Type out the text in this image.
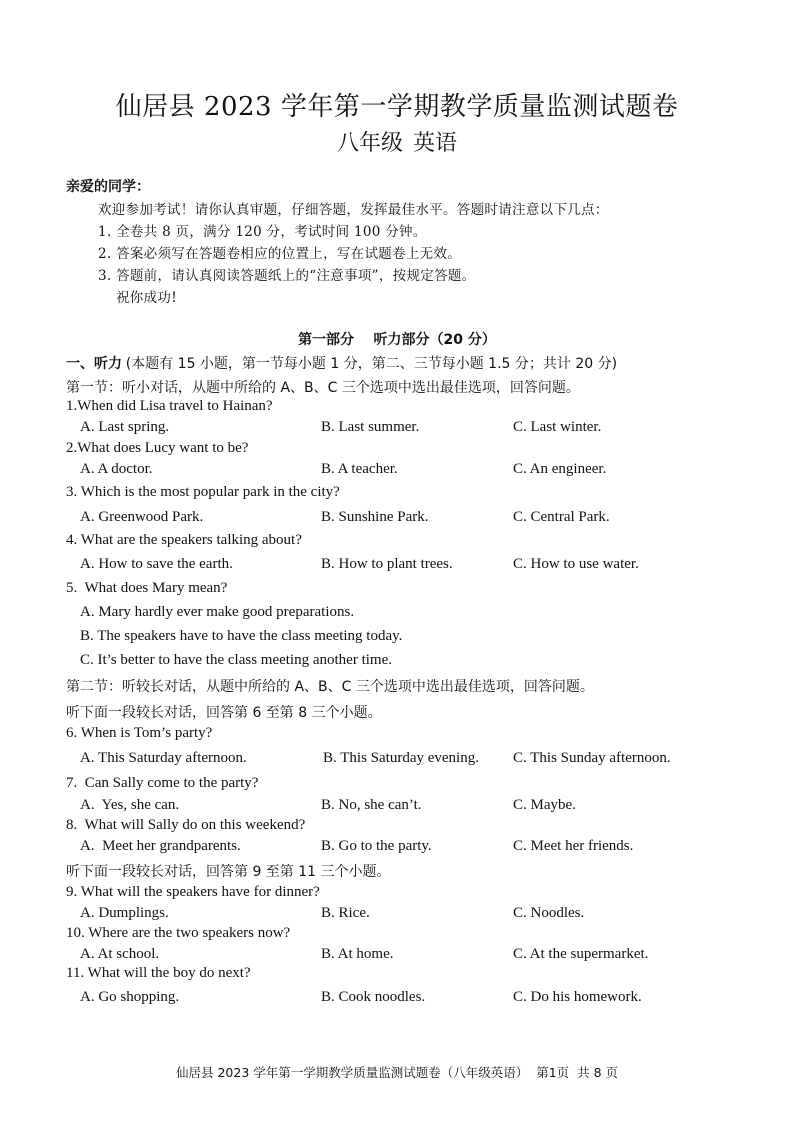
仙居县 2023 学年第一学期教学质量监测试题卷
八年级 英语
亲爱的同学：
欢迎参加考试！请你认真审题，仔细答题，发挥最佳水平。答题时请注意以下几点：
1. 全卷共 8 页，满分 120 分，考试时间 100 分钟。
2. 答案必须写在答题卷相应的位置上，写在试题卷上无效。
3. 答题前，请认真阅读答题纸上的“注意事项”，按规定答题。
祝你成功!
第一部分    听力部分（20 分）
一、听力 (本题有 15 小题，第一节每小题 1 分，第二、三节每小题 1.5 分；共计 20 分)
第一节：听小对话，从题中所给的 A、B、C 三个选项中选出最佳选项，回答问题。
1.When did Lisa travel to Hainan?
A. Last spring.	B. Last summer.	C. Last winter.
2.What does Lucy want to be?
A. A doctor.	B. A teacher.	C. An engineer.
3. Which is the most popular park in the city?
A. Greenwood Park.	B. Sunshine Park.	C. Central Park.
4. What are the speakers talking about?
A. How to save the earth.	B. How to plant trees.	C. How to use water.
5.  What does Mary mean?
A. Mary hardly ever make good preparations.
B. The speakers have to have the class meeting today.
C. It’s better to have the class meeting another time.
第二节：听较长对话，从题中所给的 A、B、C 三个选项中选出最佳选项，回答问题。
听下面一段较长对话，回答第 6 至第 8 三个小题。
6. When is Tom’s party?
A. This Saturday afternoon.	B. This Saturday evening. C. This Sunday afternoon.
7.  Can Sally come to the party?
A.  Yes, she can.	B. No, she can’t.	C. Maybe.
8.  What will Sally do on this weekend?
A.  Meet her grandparents.	B. Go to the party.	C. Meet her friends.
听下面一段较长对话，回答第 9 至第 11 三个小题。
9. What will the speakers have for dinner?
A. Dumplings.	B. Rice.	C. Noodles.
10. Where are the two speakers now?
A. At school.	B. At home.	C. At the supermarket.
11. What will the boy do next?
A. Go shopping.	B. Cook noodles.	C. Do his homework.
仙居县 2023 学年第一学期教学质量监测试题卷（八年级英语）  第1页  共 8 页
